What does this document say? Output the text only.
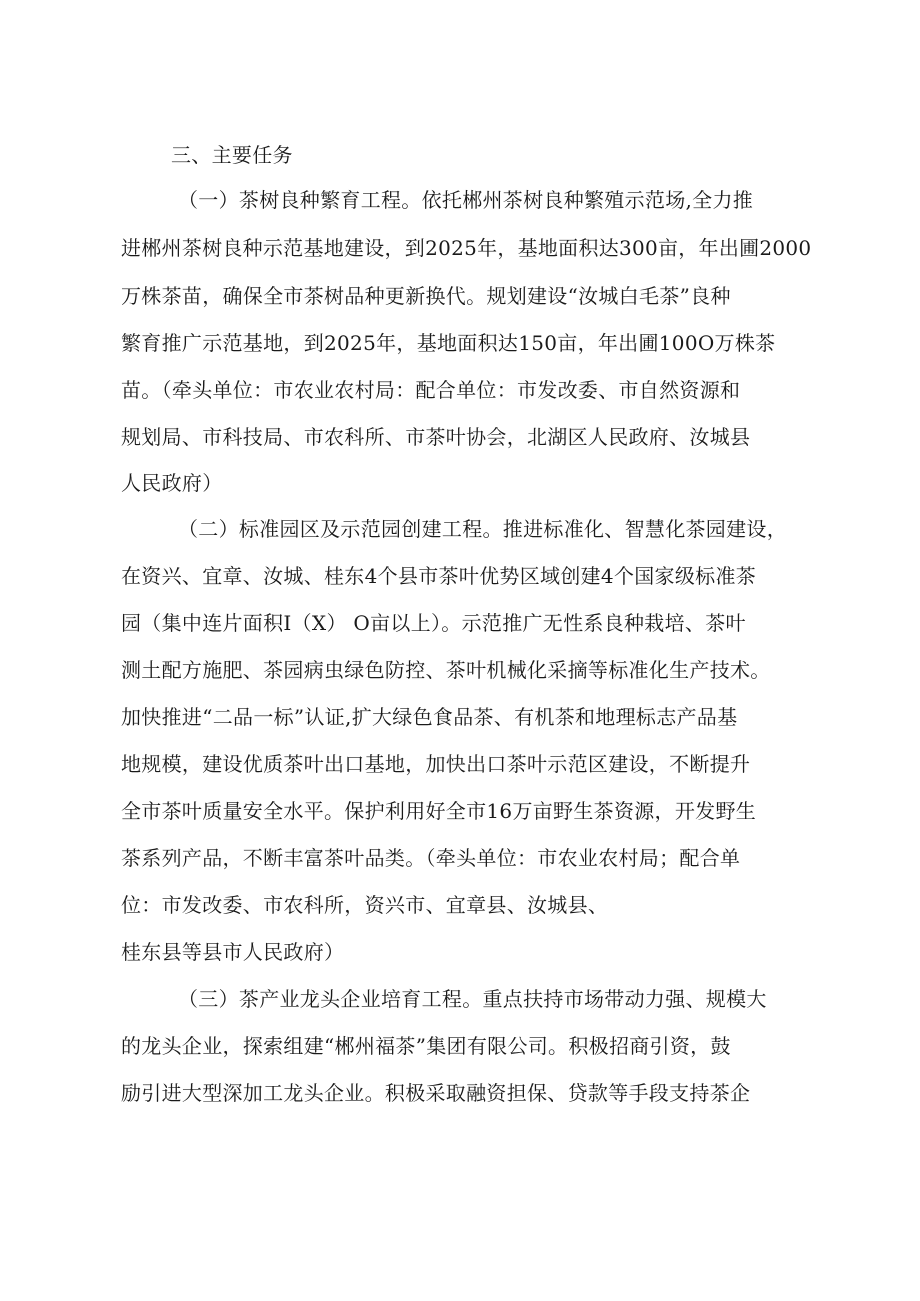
三、主要任务
（一）茶树良种繁育工程。依托郴州茶树良种繁殖示范场,全力推
进郴州茶树良种示范基地建设，到2025年，基地面积达300亩，年出圃2000
万株茶苗，确保全市茶树品种更新换代。规划建设“汝城白毛茶”良种
繁育推广示范基地，到2025年，基地面积达150亩，年出圃100O万株茶
苗。（牵头单位：市农业农村局：配合单位：市发改委、市自然资源和
规划局、市科技局、市农科所、市茶叶协会，北湖区人民政府、汝城县
人民政府）
（二）标准园区及示范园创建工程。推进标准化、智慧化茶园建设，
在资兴、宜章、汝城、桂东4个县市茶叶优势区域创建4个国家级标准茶
园（集中连片面积I（X） O亩以上）。示范推广无性系良种栽培、茶叶
测土配方施肥、茶园病虫绿色防控、茶叶机械化采摘等标准化生产技术。
加快推进“二品一标”认证,扩大绿色食品茶、有机茶和地理标志产品基
地规模，建设优质茶叶出口基地，加快出口茶叶示范区建设，不断提升
全市茶叶质量安全水平。保护利用好全市16万亩野生茶资源，开发野生
茶系列产品，不断丰富茶叶品类。（牵头单位：市农业农村局；配合单
位：市发改委、市农科所，资兴市、宜章县、汝城县、
桂东县等县市人民政府）
（三）茶产业龙头企业培育工程。重点扶持市场带动力强、规模大
的龙头企业，探索组建“郴州福茶”集团有限公司。积极招商引资，鼓
励引进大型深加工龙头企业。积极采取融资担保、贷款等手段支持茶企
